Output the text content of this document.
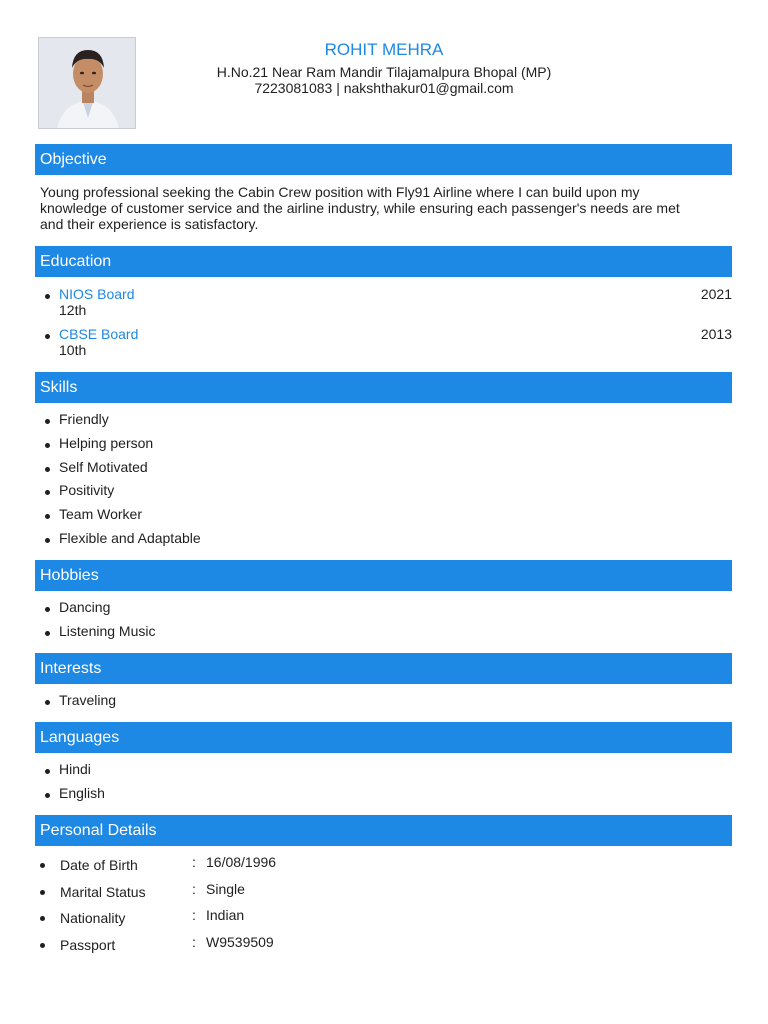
ROHIT MEHRA
H.No.21 Near Ram Mandir Tilajamalpura Bhopal (MP)
7223081083 | nakshthakur01@gmail.com
Objective

Young professional seeking the Cabin Crew position with Fly91 Airline where I can build upon my
knowledge of customer service and the airline industry, while ensuring each passenger's needs are met
and their experience is satisfactory.

Education
NIOS Board
12th
2021
CBSE Board
10th
2013
Skills
Friendly
Helping person
Self Motivated
Positivity
Team Worker
Flexible and Adaptable
Hobbies
Dancing
Listening Music
Interests
Traveling
Languages
Hindi
English
Personal Details
Date of Birth	: 16/08/1996
Marital Status	: Single
Nationality	: Indian
Passport	: W9539509
